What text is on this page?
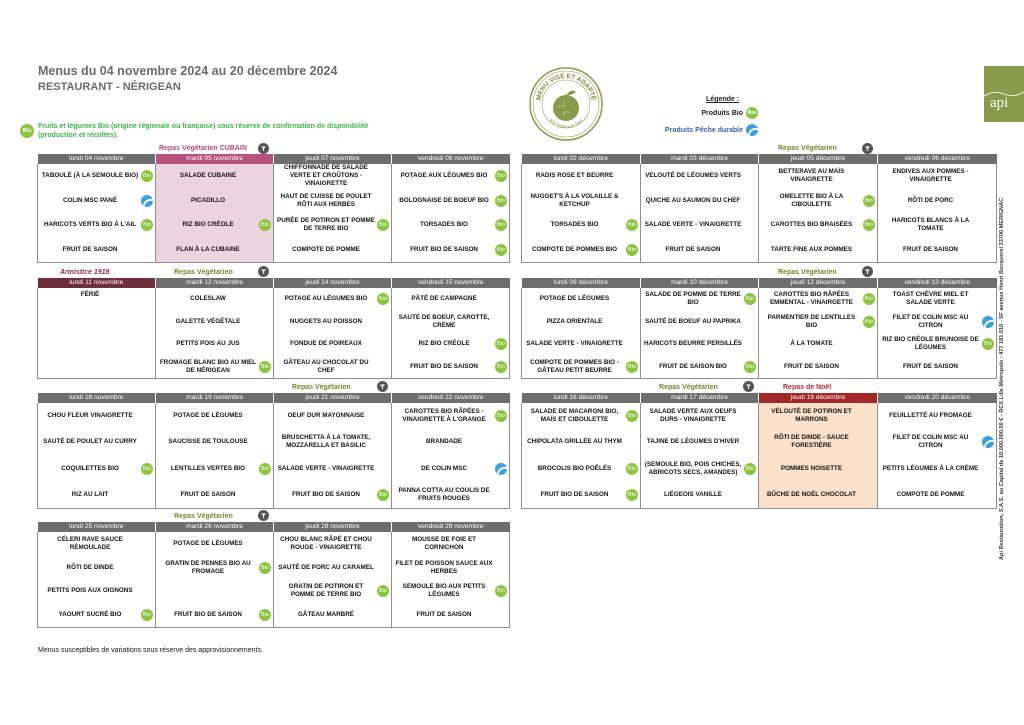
Menus du 04 novembre 2024 au 20 décembre 2024
RESTAURANT - NÉRIGEAN
Bio
Fruits et légumes Bio (origine régionale ou française) sous réserve de confirmation de disponibilité (production et récoltes).
MENU VISÉ ET ADAPTÉ
Pôle Nutrition & Santé
Légende :
Produits Bio Bio
Produits Pêche durable
api
Api Restauration, S.A.S. au Capital de 10.000.000,00 € - RCS Lille Métropole : 477 181 010 - 5F avenue Henri Becquerel 33700 MERIGNAC
Repas Végétarien CUBAIN
lundi 04 novembre	mardi 05 novembre	jeudi 07 novembre	vendredi 08 novembre

TABOULÉ (À LA SEMOULE BIO) Bio	SALADE CUBAINE	CHIFFONNADE DE SALADE VERTE ET CROÛTONS - VINAIGRETTE	POTAGE AUX LÉGUMES BIO Bio

COLIN MSC PANÉ	PICADILLO	HAUT DE CUISSE DE POULET RÔTI AUX HERBES	BOLOGNAISE DE BOEUF BIO Bio

HARICOTS VERTS BIO À L'AIL Bio	RIZ BIO CRÉOLE Bio	PURÉE DE POTIRON ET POMME DE TERRE BIO Bio	TORSADES BIO Bio

FRUIT DE SAISON	FLAN À LA CUBAINE	COMPOTE DE POMME	FRUIT BIO DE SAISON Bio
Armistice 1918	Repas Végétarien
lundi 11 novembre	mardi 12 novembre	jeudi 14 novembre	vendredi 15 novembre

FÉRIÉ	COLESLAW	POTAGE AU LÉGUMES BIO Bio	PÂTÉ DE CAMPAGNE

	GALETTE VÉGÉTALE	NUGGETS AU POISSON	SAUTÉ DE BOEUF, CAROTTE, CRÈME

	PETITS POIS AU JUS	FONDUE DE POIREAUX	RIZ BIO CRÉOLE Bio

	FROMAGE BLANC BIO AU MIEL DE NÉRIGEAN Bio	GÂTEAU AU CHOCOLAT DU CHEF	FRUIT BIO DE SAISON Bio
Repas Végétarien
lundi 18 novembre	mardi 19 novembre	jeudi 21 novembre	vendredi 22 novembre

CHOU FLEUR VINAIGRETTE	POTAGE DE LÉGUMES	OEUF DUR MAYONNAISE	CAROTTES BIO RÂPÉES - VINAIGRETTE À L'ORANGE Bio

SAUTÉ DE POULET AU CURRY	SAUCISSE DE TOULOUSE	BRUSCHETTA À LA TOMATE, MOZZARELLA ET BASILIC	BRANDADE

COQUILETTES BIO Bio	LENTILLES VERTES BIO Bio	SALADE VERTE - VINAIGRETTE	DE COLIN MSC

RIZ AU LAIT	FRUIT DE SAISON	FRUIT BIO DE SAISON Bio	PANNA COTTA AU COULIS DE FRUITS ROUGES
Repas Végétarien
lundi 25 novembre	mardi 26 novembre	jeudi 28 novembre	vendredi 29 novembre

CÉLERI RAVE SAUCE RÉMOULADE	POTAGE DE LÉGUMES	CHOU BLANC RÂPÉ ET CHOU ROUGE - VINAIGRETTE	MOUSSE DE FOIE ET CORNICHON

RÔTI DE DINDE	GRATIN DE PENNES BIO AU FROMAGE Bio	SAUTÉ DE PORC AU CARAMEL	FILET DE POISSON SAUCE AUX HERBES

PETITS POIS AUX OIGNONS		GRATIN DE POTIRON ET POMME DE TERRE BIO Bio	SEMOULE BIO AUX PETITS LÉGUMES Bio

YAOURT SUCRÉ BIO Bio	FRUIT BIO DE SAISON Bio	GÂTEAU MARBRÉ	FRUIT DE SAISON
Repas Végétarien
lundi 02 décembre	mardi 03 décembre	jeudi 05 décembre	vendredi 06 décembre

RADIS ROSE ET BEURRE	VELOUTÉ DE LÉGUMES VERTS	BETTERAVE AU MAÏS VINAIGRETTE	ENDIVES AUX POMMES - VINAIGRETTE

NUGGET'S À LA VOLAILLE & KETCHUP	QUICHE AU SAUMON DU CHEF	OMELETTE BIO À LA CIBOULETTE Bio	RÔTI DE PORC

TORSADES BIO Bio	SALADE VERTE - VINAIGRETTE	CAROTTES BIO BRAISÉES Bio	HARICOTS BLANCS À LA TOMATE

COMPOTE DE POMMES BIO Bio	FRUIT DE SAISON	TARTE FINE AUX POMMES	FRUIT DE SAISON
Repas Végétarien
lundi 09 décembre	mardi 10 décembre	jeudi 12 décembre	vendredi 13 décembre

POTAGE DE LÉGUMES	SALADE DE POMME DE TERRE BIO Bio	CAROTTES BIO RÂPÉES EMMENTAL - VINAIRGETTE Bio	TOAST CHÈVRE MIEL ET SALADE VERTE

PIZZA ORIENTALE	SAUTÉ DE BOEUF AU PAPRIKA	PARMENTIER DE LENTILLES BIO Bio	FILET DE COLIN MSC AU CITRON

SALADE VERTE - VINAIGRETTE	HARICOTS BEURRE PERSILLÉS	À LA TOMATE	RIZ BIO CRÉOLE BRUNOISE DE LÉGUMES Bio

COMPOTE DE POMMES BIO - GÂTEAU PETIT BEURRE Bio	FRUIT DE SAISON BIO Bio	FRUIT DE SAISON	FRUIT DE SAISON
Repas Végétarien	Repas de Noël
lundi 16 décembre	mardi 17 décembre	jeudi 19 décembre	vendredi 20 décembre

SALADE DE MACARONI BIO, MAÏS ET CIBOULETTE Bio	SALADE VERTE AUX OEUFS DURS - VINAIGRETTE	VÉLOUTÉ DE POTIRON ET MARRONS	FEUILLETTÉ AU FROMAGE

CHIPOLATA GRILLÉE AU THYM	TAJINE DE LÉGUMES D'HIVER	RÔTI DE DINDE - SAUCE FORESTIÈRE	FILET DE COLIN MSC AU CITRON

BROCOLIS BIO POÊLÉS Bio	(SEMOULE BIO, POIS CHICHES, ABRICOTS SECS, AMANDES) Bio	POMMES NOISETTE	PETITS LÉGUMES À LA CRÈME

FRUIT BIO DE SAISON Bio	LIÉGEOIS VANILLE	BÛCHE DE NOËL CHOCOLAT	COMPOTE DE POMME
Menus susceptibles de variations sous réserve des approvisionnements.
